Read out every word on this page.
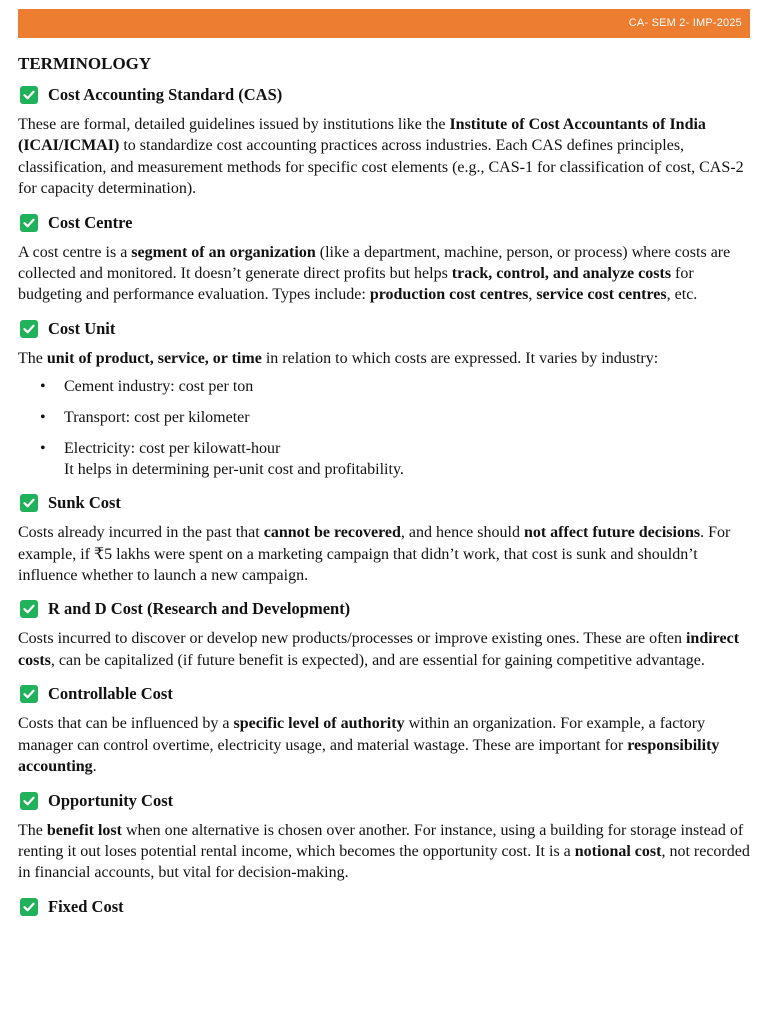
CA- SEM 2- IMP-2025
TERMINOLOGY
Cost Accounting Standard (CAS)

These are formal, detailed guidelines issued by institutions like the Institute of Cost Accountants of India (ICAI/ICMAI) to standardize cost accounting practices across industries. Each CAS defines principles, classification, and measurement methods for specific cost elements (e.g., CAS-1 for classification of cost, CAS-2 for capacity determination).

Cost Centre

A cost centre is a segment of an organization (like a department, machine, person, or process) where costs are collected and monitored. It doesn’t generate direct profits but helps track, control, and analyze costs for budgeting and performance evaluation. Types include: production cost centres, service cost centres, etc.

Cost Unit

The unit of product, service, or time in relation to which costs are expressed. It varies by industry:

• Cement industry: cost per ton
• Transport: cost per kilometer
• Electricity: cost per kilowatt-hour
It helps in determining per-unit cost and profitability.
Sunk Cost

Costs already incurred in the past that cannot be recovered, and hence should not affect future decisions. For example, if ₹5 lakhs were spent on a marketing campaign that didn’t work, that cost is sunk and shouldn’t influence whether to launch a new campaign.

R and D Cost (Research and Development)

Costs incurred to discover or develop new products/processes or improve existing ones. These are often indirect costs, can be capitalized (if future benefit is expected), and are essential for gaining competitive advantage.

Controllable Cost

Costs that can be influenced by a specific level of authority within an organization. For example, a factory manager can control overtime, electricity usage, and material wastage. These are important for responsibility accounting.

Opportunity Cost

The benefit lost when one alternative is chosen over another. For instance, using a building for storage instead of renting it out loses potential rental income, which becomes the opportunity cost. It is a notional cost, not recorded in financial accounts, but vital for decision-making.

Fixed Cost
